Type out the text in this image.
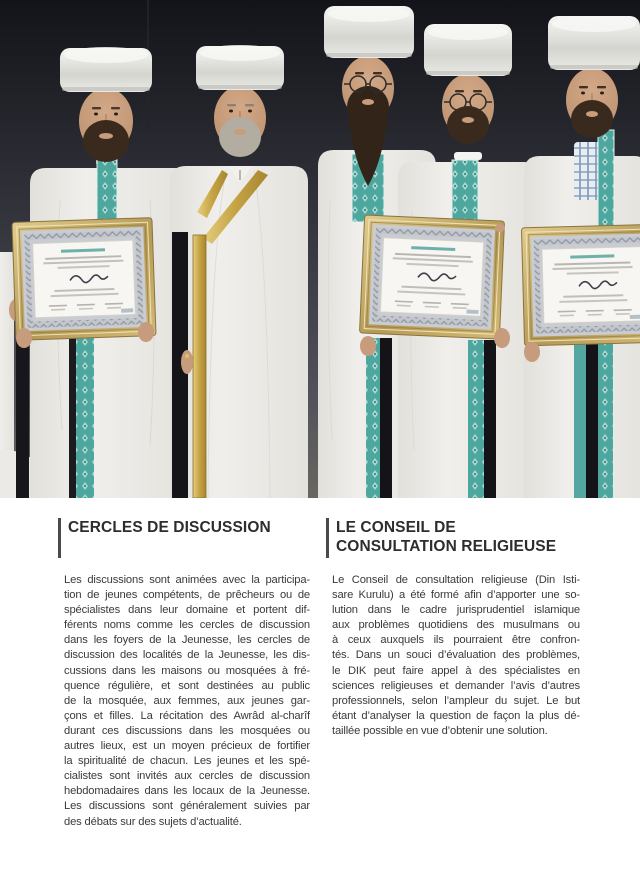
CERCLES DE DISCUSSION
Les discussions sont animées avec la participa-
tion de jeunes compétents, de prêcheurs ou de
spécialistes dans leur domaine et portent dif-
férents noms comme les cercles de discussion
dans les foyers de la Jeunesse, les cercles de
discussion des localités de la Jeunesse, les dis-
cussions dans les maisons ou mosquées à fré-
quence régulière, et sont destinées au public
de la mosquée, aux femmes, aux jeunes gar-
çons et filles. La récitation des Awrâd al-charîf
durant ces discussions dans les mosquées ou
autres lieux, est un moyen précieux de fortifier
la spiritualité de chacun. Les jeunes et les spé-
cialistes sont invités aux cercles de discussion
hebdomadaires dans les locaux de la Jeunesse.
Les discussions sont généralement suivies par
des débats sur des sujets d’actualité.
LE CONSEIL DE CONSULTATION RELIGIEUSE
Le Conseil de consultation religieuse (Din Isti-
sare Kurulu) a été formé afin d’apporter une so-
lution dans le cadre jurisprudentiel islamique
aux problèmes quotidiens des musulmans ou
à ceux auxquels ils pourraient être confron-
tés. Dans un souci d’évaluation des problèmes,
le DIK peut faire appel à des spécialistes en
sciences religieuses et demander l’avis d’autres
professionnels, selon l’ampleur du sujet. Le but
étant d’analyser la question de façon la plus dé-
taillée possible en vue d’obtenir une solution.
